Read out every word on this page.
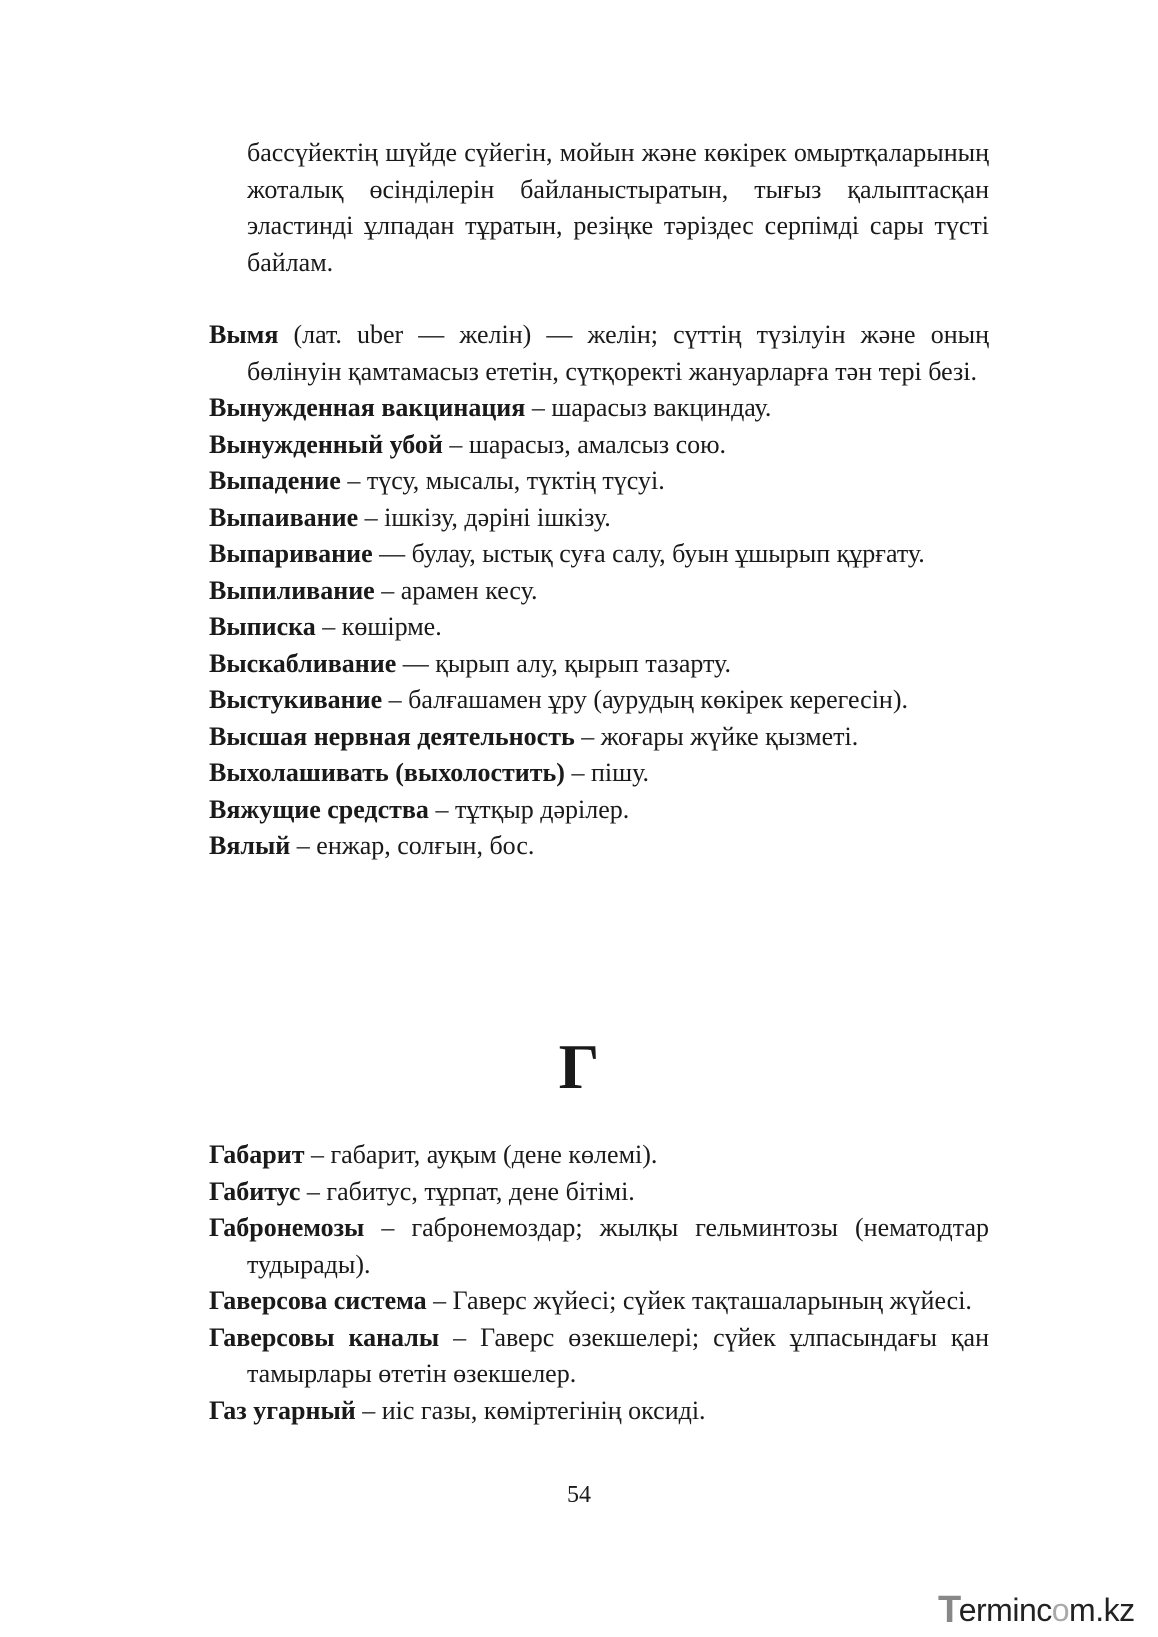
бассүйектің шүйде сүйегін, мойын және көкірек омыртқаларының жоталық өсінділерін байланыстыратын, тығыз қалыптасқан эластинді ұлпадан тұратын, резіңке тәріздес серпімді сары түсті байлам.

Вымя (лат. uber — желін) — желін; сүттің түзілуін және оның бөлінуін қамтамасыз ететін, сүтқоректі жануарларға тән тері безі.

Вынужденная вакцинация – шарасыз вакциндау.

Вынужденный убой – шарасыз, амалсыз сою.

Выпадение – түсу, мысалы, түктің түсуі.

Выпаивание – ішкізу, дәріні ішкізу.

Выпаривание — булау, ыстық суға салу, буын ұшырып құрғату.

Выпиливание – арамен кесу.

Выписка – көшірме.

Выскабливание — қырып алу, қырып тазарту.

Выстукивание – балғашамен ұру (аурудың көкірек керегесін).

Высшая нервная деятельность – жоғары жүйке қызметі.

Выхолашивать (выхолостить) – пішу.

Вяжущие средства – тұтқыр дәрілер.

Вялый – енжар, солғын, бос.

Г

Габарит – габарит, ауқым (дене көлемі).

Габитус – габитус, тұрпат, дене бітімі.

Габронемозы – габронемоздар; жылқы гельминтозы (нематодтар тудырады).

Гаверсова система – Гаверс жүйесі; сүйек тақташаларының жүйесі.

Гаверсовы каналы – Гаверс өзекшелері; сүйек ұлпасындағы қан тамырлары өтетін өзекшелер.

Газ угарный – иіс газы, көміртегінің оксиді.

54
T
erminc о m.kz
